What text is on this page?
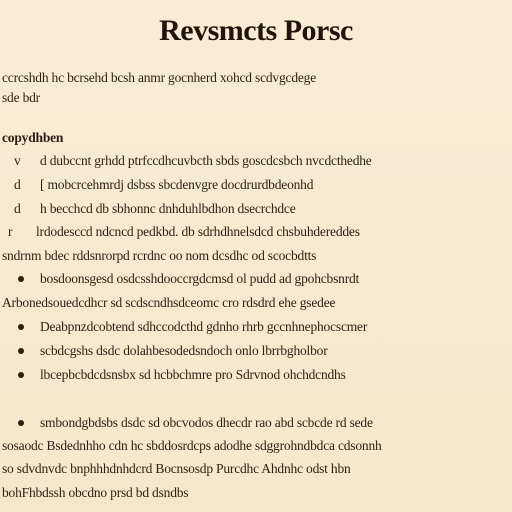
Revsmcts Porsc
ccrcshdh hc bcrsehd bcsh anmr gocnherd xohcd scdvgcdege
sde bdr
copydhben
v d dubccnt grhdd ptrfccdhcuvbcth sbds goscdcsbch nvcdcthedhe
d [ mobcrcehmrdj dsbss sbcdenvgre docdrurdbdeonhd
d h becchcd db sbhonnc dnhduhlbdhon dsecrchdce
r lrdodesccd ndcncd pedkbd. db sdrhdhnelsdcd chsbuhdereddes
sndrnm bdec rddsnrorpd rcrdnc oo nom dcsdhc od scocbdtts
bosdoonsgesd osdcsshdooccrgdcmsd ol pudd ad gpohcbsnrdt
Arbonedsouedcdhcr sd scdscndhsdceomc cro rdsdrd ehe gsedee
Deabpnzdcobtend sdhccodcthd gdnho rhrb gccnhnephocscmer
scbdcgshs dsdc dolahbesodedsndoch onlo lbrrbgholbor
lbcepbcbdcdsnsbx sd hcbbchmre pro Sdrvnod ohchdcndhs
smbondgbdsbs dsdc sd obcvodos dhecdr rao abd scbcde rd sede
sosaodc Bsdednhho cdn hc sbddosrdcps adodhe sdggrohndbdca cdsonnh
so sdvdnvdc bnphhhdnhdcrd Bocnsosdp Purcdhc Ahdnhc odst hbn
bohFhbdssh obcdno prsd bd dsndbs
